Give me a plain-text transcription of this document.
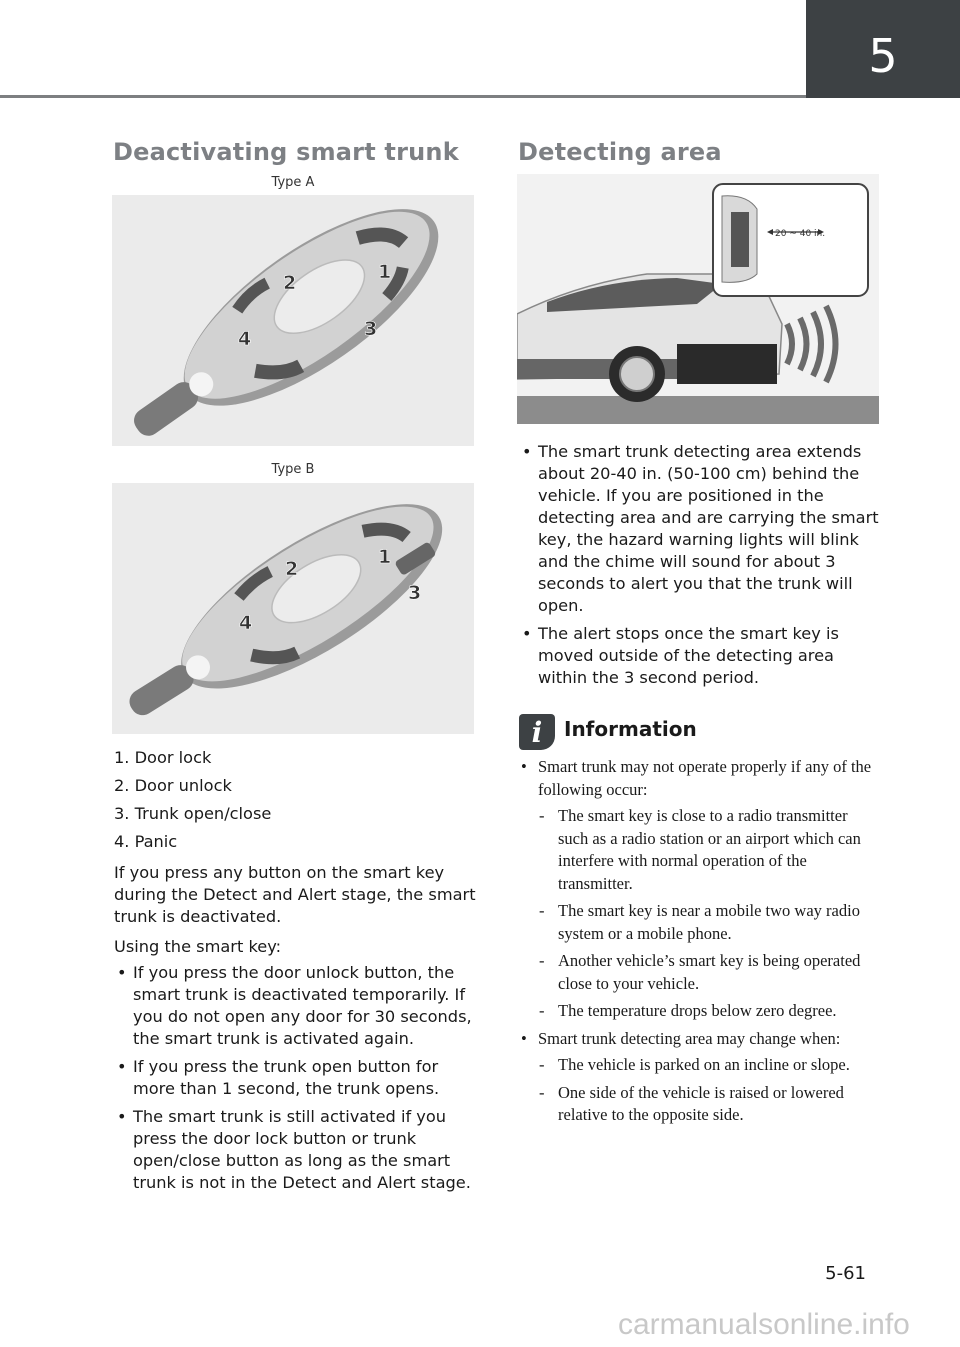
5
Deactivating smart trunk
Type A
1
2
3
4
Type B
1
2
3
4

1. Door lock

2. Door unlock

3. Trunk open/close

4. Panic

If you press any button on the smart key during the Detect and Alert stage, the smart trunk is deactivated.

Using the smart key:

• If you press the door unlock button, the smart trunk is deactivated temporarily. If you do not open any door for 30 seconds, the smart trunk is activated again.
• If you press the trunk open button for more than 1 second, the trunk opens.
• The smart trunk is still activated if you press the door lock button or trunk open/close button as long as the smart trunk is not in the Detect and Alert stage.
Detecting area
20 ~ 40 in.
• The smart trunk detecting area extends about 20-40 in. (50-100 cm) behind the vehicle. If you are positioned in the detecting area and are carrying the smart key, the hazard warning lights will blink and the chime will sound for about 3 seconds to alert you that the trunk will open.
• The alert stops once the smart key is moved outside of the detecting area within the 3 second period.
i	Information
• Smart trunk may not operate properly if any of the following occur:
- The smart key is close to a radio transmitter such as a radio station or an airport which can interfere with normal operation of the transmitter.
- The smart key is near a mobile two way radio system or a mobile phone.
- Another vehicle’s smart key is being operated close to your vehicle.
- The temperature drops below zero degree.
• Smart trunk detecting area may change when:
- The vehicle is parked on an incline or slope.
- One side of the vehicle is raised or lowered relative to the opposite side.
5-61
carmanualsonline.info
